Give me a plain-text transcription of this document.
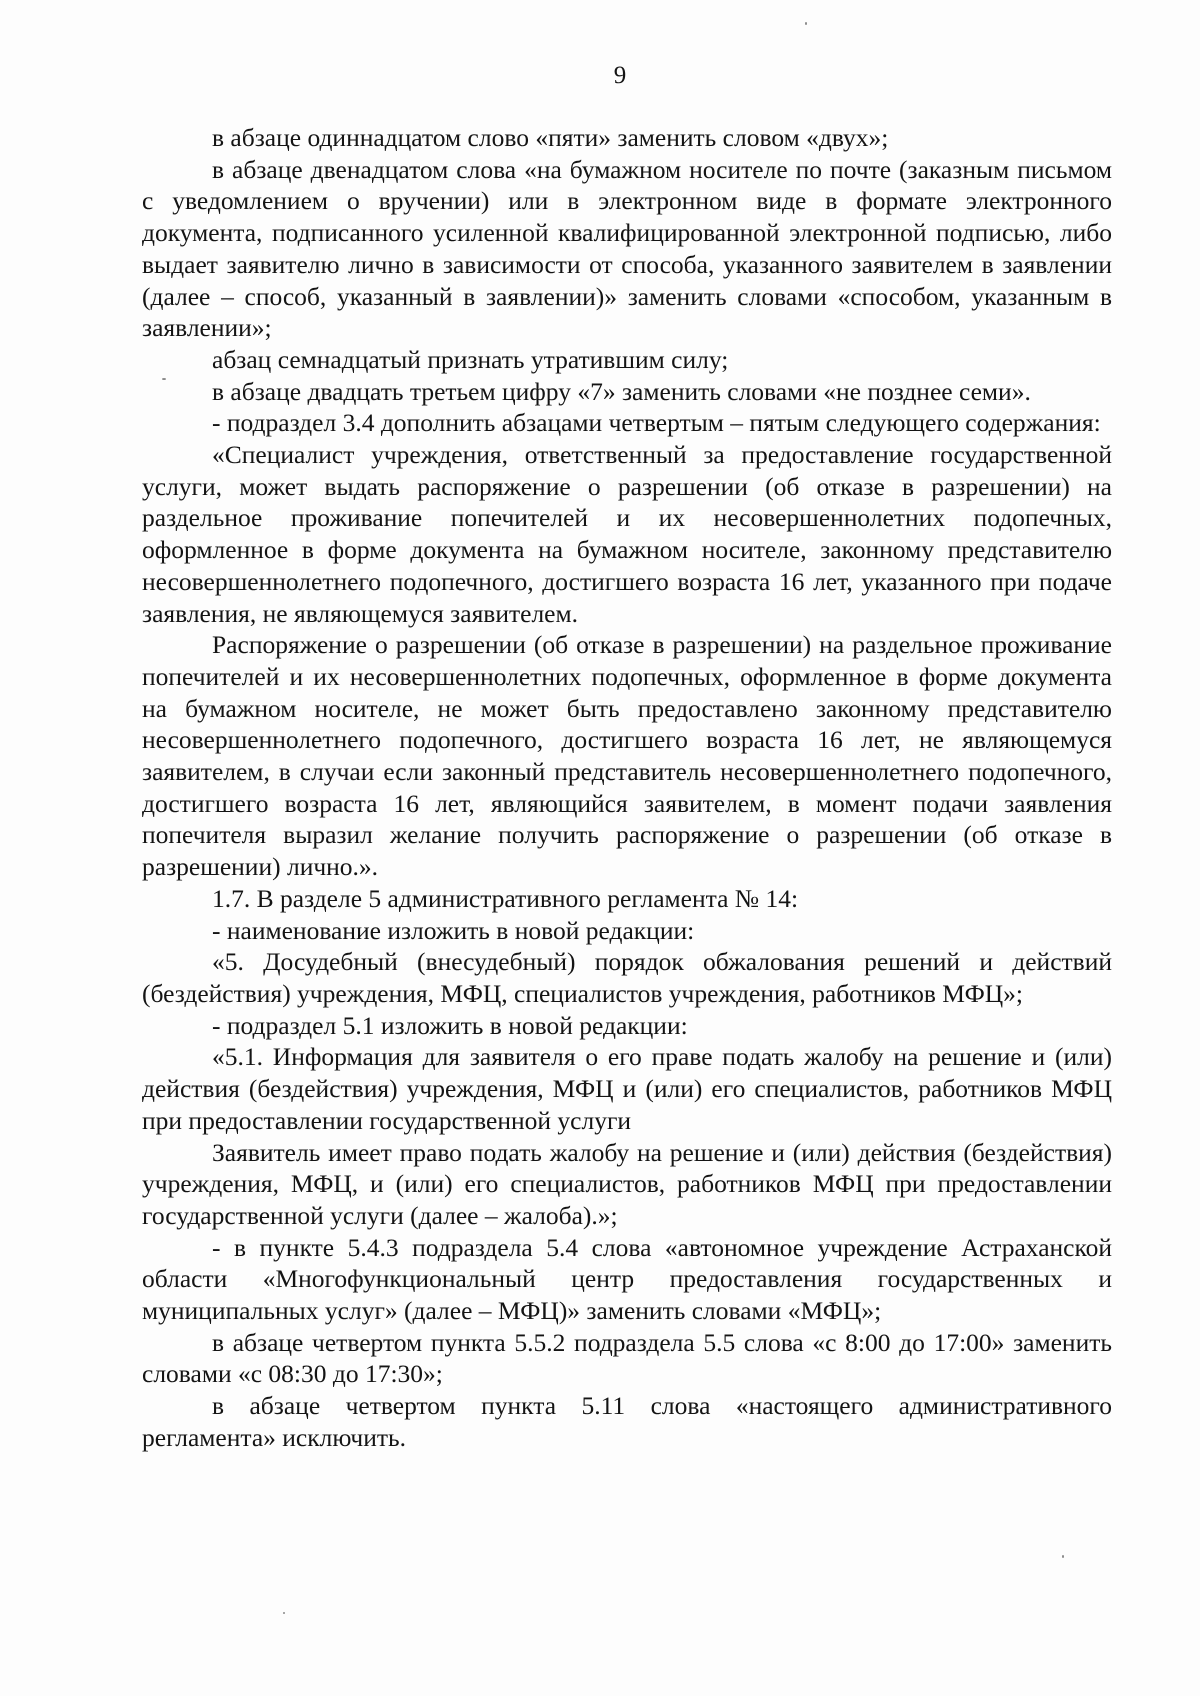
9

в абзаце одиннадцатом слово «пяти» заменить словом «двух»;

в абзаце двенадцатом слова «на бумажном носителе по почте (заказным письмом с уведомлением о вручении) или в электронном виде в формате электронного документа, подписанного усиленной квалифицированной электронной подписью, либо выдает заявителю лично в зависимости от способа, указанного заявителем в заявлении (далее – способ, указанный в заявлении)» заменить словами «способом, указанным в заявлении»;

абзац семнадцатый признать утратившим силу;

в абзаце двадцать третьем цифру «7» заменить словами «не позднее семи».

- подраздел 3.4 дополнить абзацами четвертым – пятым следующего содержания:

«Специалист учреждения, ответственный за предоставление государственной услуги, может выдать распоряжение о разрешении (об отказе в разрешении) на раздельное проживание попечителей и их несовершеннолетних подопечных, оформленное в форме документа на бумажном носителе, законному представителю несовершеннолетнего подопечного, достигшего возраста 16 лет, указанного при подаче заявления, не являющемуся заявителем.

Распоряжение о разрешении (об отказе в разрешении) на раздельное проживание попечителей и их несовершеннолетних подопечных, оформленное в форме документа на бумажном носителе, не может быть предоставлено законному представителю несовершеннолетнего подопечного, достигшего возраста 16 лет, не являющемуся заявителем, в случаи если законный представитель несовершеннолетнего подопечного, достигшего возраста 16 лет, являющийся заявителем, в момент подачи заявления попечителя выразил желание получить распоряжение о разрешении (об отказе в разрешении) лично.».

1.7. В разделе 5 административного регламента № 14:

- наименование изложить в новой редакции:

«5. Досудебный (внесудебный) порядок обжалования решений и действий (бездействия) учреждения, МФЦ, специалистов учреждения, работников МФЦ»;

- подраздел 5.1 изложить в новой редакции:

«5.1. Информация для заявителя о его праве подать жалобу на решение и (или) действия (бездействия) учреждения, МФЦ и (или) его специалистов, работников МФЦ при предоставлении государственной услуги

Заявитель имеет право подать жалобу на решение и (или) действия (бездействия) учреждения, МФЦ, и (или) его специалистов, работников МФЦ при предоставлении государственной услуги (далее – жалоба).»;

- в пункте 5.4.3 подраздела 5.4 слова «автономное учреждение Астраханской области «Многофункциональный центр предоставления государственных и муниципальных услуг» (далее – МФЦ)» заменить словами «МФЦ»;

в абзаце четвертом пункта 5.5.2 подраздела 5.5 слова «с 8:00 до 17:00» заменить словами «с 08:30 до 17:30»;

в абзаце четвертом пункта 5.11 слова «настоящего административного регламента» исключить.
